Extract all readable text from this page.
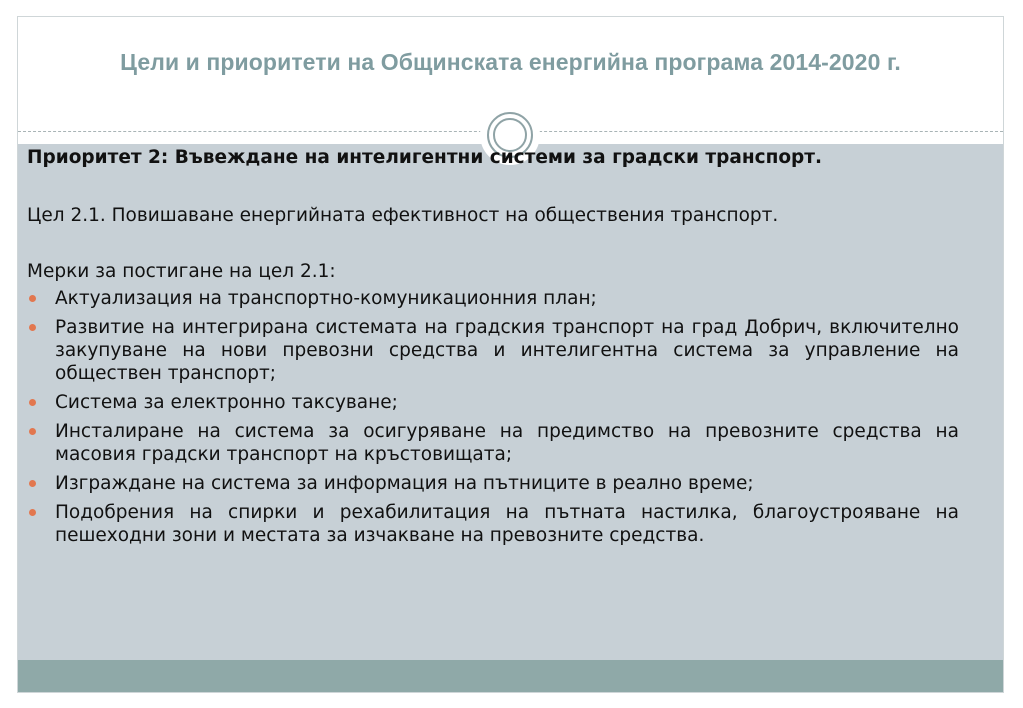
Цели и приоритети на Общинската енергийна програма 2014-2020 г.

Приоритет 2: Въвеждане на интелигентни системи за градски транспорт.

Цел 2.1. Повишаване енергийната ефективност на обществения транспорт.

Мерки за постигане на цел 2.1:

Актуализация на транспортно-комуникационния план;
Развитие на интегрирана системата на градския транспорт на град Добрич, включително закупуване на нови превозни средства и интелигентна система за управление на обществен транспорт;
Система за електронно таксуване;
Инсталиране на система за осигуряване на предимство на превозните средства на масовия градски транспорт на кръстовищата;
Изграждане на система за информация на пътниците в реално време;
Подобрения на спирки и рехабилитация на пътната настилка, благоустрояване на пешеходни зони и местата за изчакване на превозните средства.
